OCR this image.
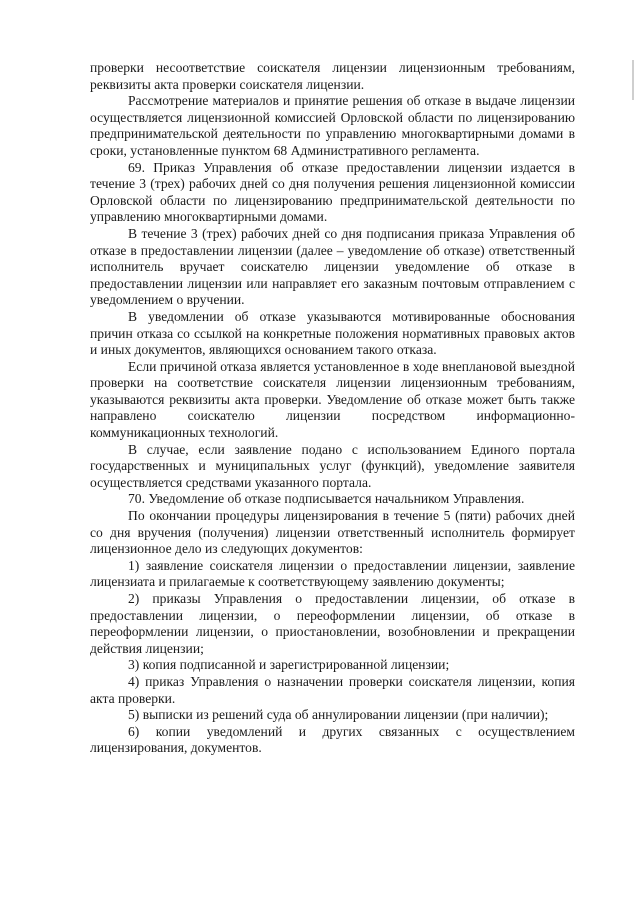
проверки несоответствие соискателя лицензии лицензионным требованиям, реквизиты акта проверки соискателя лицензии.

Рассмотрение материалов и принятие решения об отказе в выдаче лицензии осуществляется лицензионной комиссией Орловской области по лицензированию предпринимательской деятельности по управлению многоквартирными домами в сроки, установленные пунктом 68 Административного регламента.

69. Приказ Управления об отказе предоставлении лицензии издается в течение 3 (трех) рабочих дней со дня получения решения лицензионной комиссии Орловской области по лицензированию предпринимательской деятельности по управлению многоквартирными домами.

В течение 3 (трех) рабочих дней со дня подписания приказа Управления об отказе в предоставлении лицензии (далее – уведомление об отказе) ответственный исполнитель вручает соискателю лицензии уведомление об отказе в предоставлении лицензии или направляет его заказным почтовым отправлением с уведомлением о вручении.

В уведомлении об отказе указываются мотивированные обоснования причин отказа со ссылкой на конкретные положения нормативных правовых актов и иных документов, являющихся основанием такого отказа.

Если причиной отказа является установленное в ходе внеплановой выездной проверки на соответствие соискателя лицензии лицензионным требованиям, указываются реквизиты акта проверки. Уведомление об отказе может быть также направлено соискателю лицензии посредством информационно-коммуникационных технологий.

В случае, если заявление подано с использованием Единого портала государственных и муниципальных услуг (функций), уведомление заявителя осуществляется средствами указанного портала.

70. Уведомление об отказе подписывается начальником Управления.

По окончании процедуры лицензирования в течение 5 (пяти) рабочих дней со дня вручения (получения) лицензии ответственный исполнитель формирует лицензионное дело из следующих документов:

1) заявление соискателя лицензии о предоставлении лицензии, заявление лицензиата и прилагаемые к соответствующему заявлению документы;

2) приказы Управления о предоставлении лицензии, об отказе в предоставлении лицензии, о переоформлении лицензии, об отказе в переоформлении лицензии, о приостановлении, возобновлении и прекращении действия лицензии;

3) копия подписанной и зарегистрированной лицензии;

4) приказ Управления о назначении проверки соискателя лицензии, копия акта проверки.

5) выписки из решений суда об аннулировании лицензии (при наличии);

6) копии уведомлений и других связанных с осуществлением лицензирования, документов.
